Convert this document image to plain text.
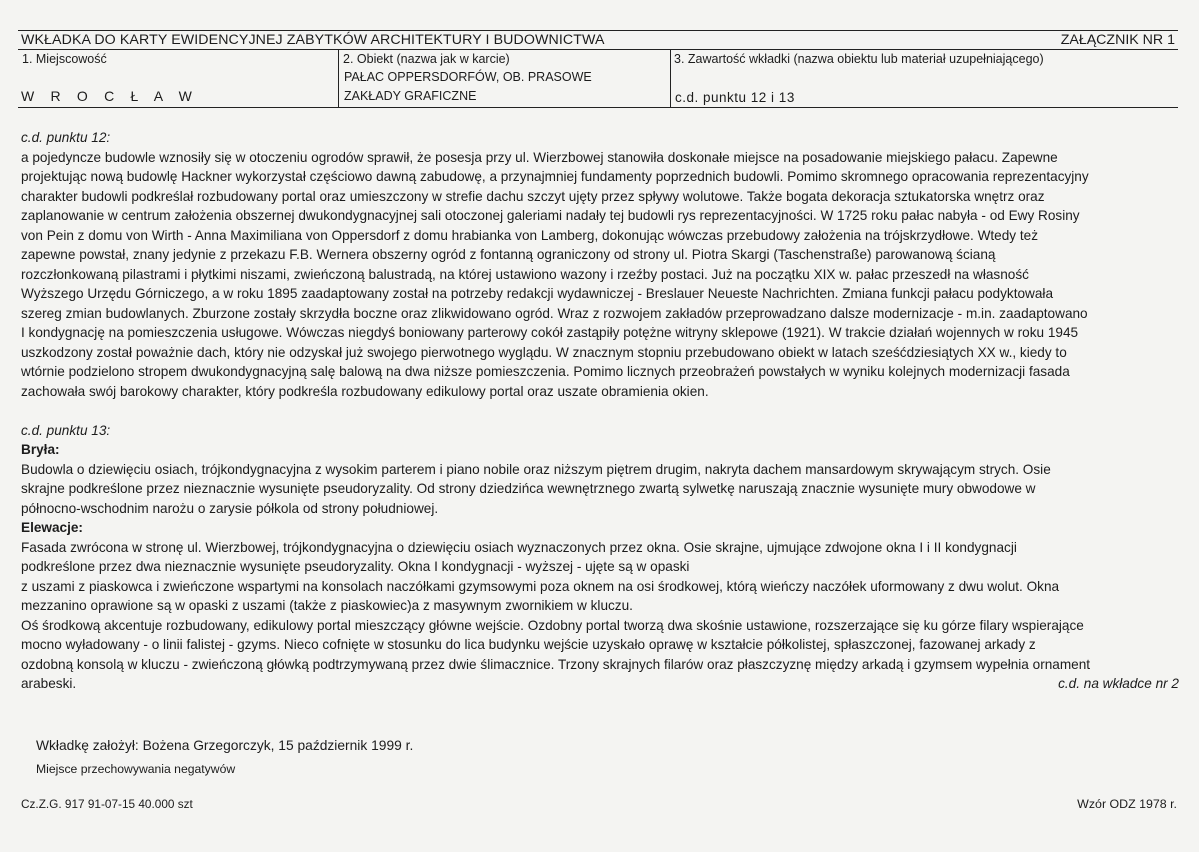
WKŁADKA DO KARTY EWIDENCYJNEJ ZABYTKÓW ARCHITEKTURY I BUDOWNICTWA	ZAŁĄCZNIK NR 1
1. Miejscowość
W R O C Ł A W
2. Obiekt (nazwa jak w karcie)
PAŁAC OPPERSDORFÓW, OB. PRASOWE
ZAKŁADY GRAFICZNE
3. Zawartość wkładki (nazwa obiektu lub materiał uzupełniającego)
c.d. punktu 12 i 13

c.d. punktu 12:

a pojedyncze budowle wznosiły się w otoczeniu ogrodów sprawił, że posesja przy ul. Wierzbowej stanowiła doskonałe miejsce na posadowanie miejskiego pałacu. Zapewne

projektując nową budowlę Hackner wykorzystał częściowo dawną zabudowę, a przynajmniej fundamenty poprzednich budowli. Pomimo skromnego opracowania reprezentacyjny

charakter budowli podkreślał rozbudowany portal oraz umieszczony w strefie dachu szczyt ujęty przez spływy wolutowe. Także bogata dekoracja sztukatorska wnętrz oraz

zaplanowanie w centrum założenia obszernej dwukondygnacyjnej sali otoczonej galeriami nadały tej budowli rys reprezentacyjności. W 1725 roku pałac nabyła - od Ewy Rosiny

von Pein z domu von Wirth - Anna Maximiliana von Oppersdorf z domu hrabianka von Lamberg, dokonując wówczas przebudowy założenia na trójskrzydłowe. Wtedy też

zapewne powstał, znany jedynie z przekazu F.B. Wernera obszerny ogród z fontanną ograniczony od strony ul. Piotra Skargi (Taschenstraße) parowanową ścianą

rozczłonkowaną pilastrami i płytkimi niszami, zwieńczoną balustradą, na której ustawiono wazony i rzeźby postaci. Już na początku XIX w. pałac przeszedł na własność

Wyższego Urzędu Górniczego, a w roku 1895 zaadaptowany został na potrzeby redakcji wydawniczej - Breslauer Neueste Nachrichten. Zmiana funkcji pałacu podyktowała

szereg zmian budowlanych. Zburzone zostały skrzydła boczne oraz zlikwidowano ogród. Wraz z rozwojem zakładów przeprowadzano dalsze modernizacje - m.in. zaadaptowano

I kondygnację na pomieszczenia usługowe. Wówczas niegdyś boniowany parterowy cokół zastąpiły potężne witryny sklepowe (1921). W trakcie działań wojennych w roku 1945

uszkodzony został poważnie dach, który nie odzyskał już swojego pierwotnego wyglądu. W znacznym stopniu przebudowano obiekt w latach sześćdziesiątych XX w., kiedy to

wtórnie podzielono stropem dwukondygnacyjną salę balową na dwa niższe pomieszczenia. Pomimo licznych przeobrażeń powstałych w wyniku kolejnych modernizacji fasada

zachowała swój barokowy charakter, który podkreśla rozbudowany edikulowy portal oraz uszate obramienia okien.

c.d. punktu 13:

Bryła:

Budowla o dziewięciu osiach, trójkondygnacyjna z wysokim parterem i piano nobile oraz niższym piętrem drugim, nakryta dachem mansardowym skrywającym strych. Osie

skrajne podkreślone przez nieznacznie wysunięte pseudoryzality. Od strony dziedzińca wewnętrznego zwartą sylwetkę naruszają znacznie wysunięte mury obwodowe w

północno-wschodnim narożu o zarysie półkola od strony południowej.

Elewacje:

Fasada zwrócona w stronę ul. Wierzbowej, trójkondygnacyjna o dziewięciu osiach wyznaczonych przez okna. Osie skrajne, ujmujące zdwojone okna I i II kondygnacji

podkreślone przez dwa nieznacznie wysunięte pseudoryzality. Okna I kondygnacji - wyższej - ujęte są w opaski

z uszami z piaskowca i zwieńczone wspartymi na konsolach naczółkami gzymsowymi poza oknem na osi środkowej, którą wieńczy naczółek uformowany z dwu wolut. Okna

mezzanino oprawione są w opaski z uszami (także z piaskowiec)a z masywnym zwornikiem w kluczu.

Oś środkową akcentuje rozbudowany, edikulowy portal mieszczący główne wejście. Ozdobny portal tworzą dwa skośnie ustawione, rozszerzające się ku górze filary wspierające

mocno wyładowany - o linii falistej - gzyms. Nieco cofnięte w stosunku do lica budynku wejście uzyskało oprawę w kształcie półkolistej, spłaszczonej, fazowanej arkady z

ozdobną konsolą w kluczu - zwieńczoną główką podtrzymywaną przez dwie ślimacznice. Trzony skrajnych filarów oraz płaszczyznę między arkadą i gzymsem wypełnia ornament

arabeski.	c.d. na wkładce nr 2

Wkładkę założył: Bożena Grzegorczyk, 15 październik 1999 r.
Miejsce przechowywania negatywów
Cz.Z.G. 917 91-07-15 40.000 szt	Wzór ODZ 1978 r.
